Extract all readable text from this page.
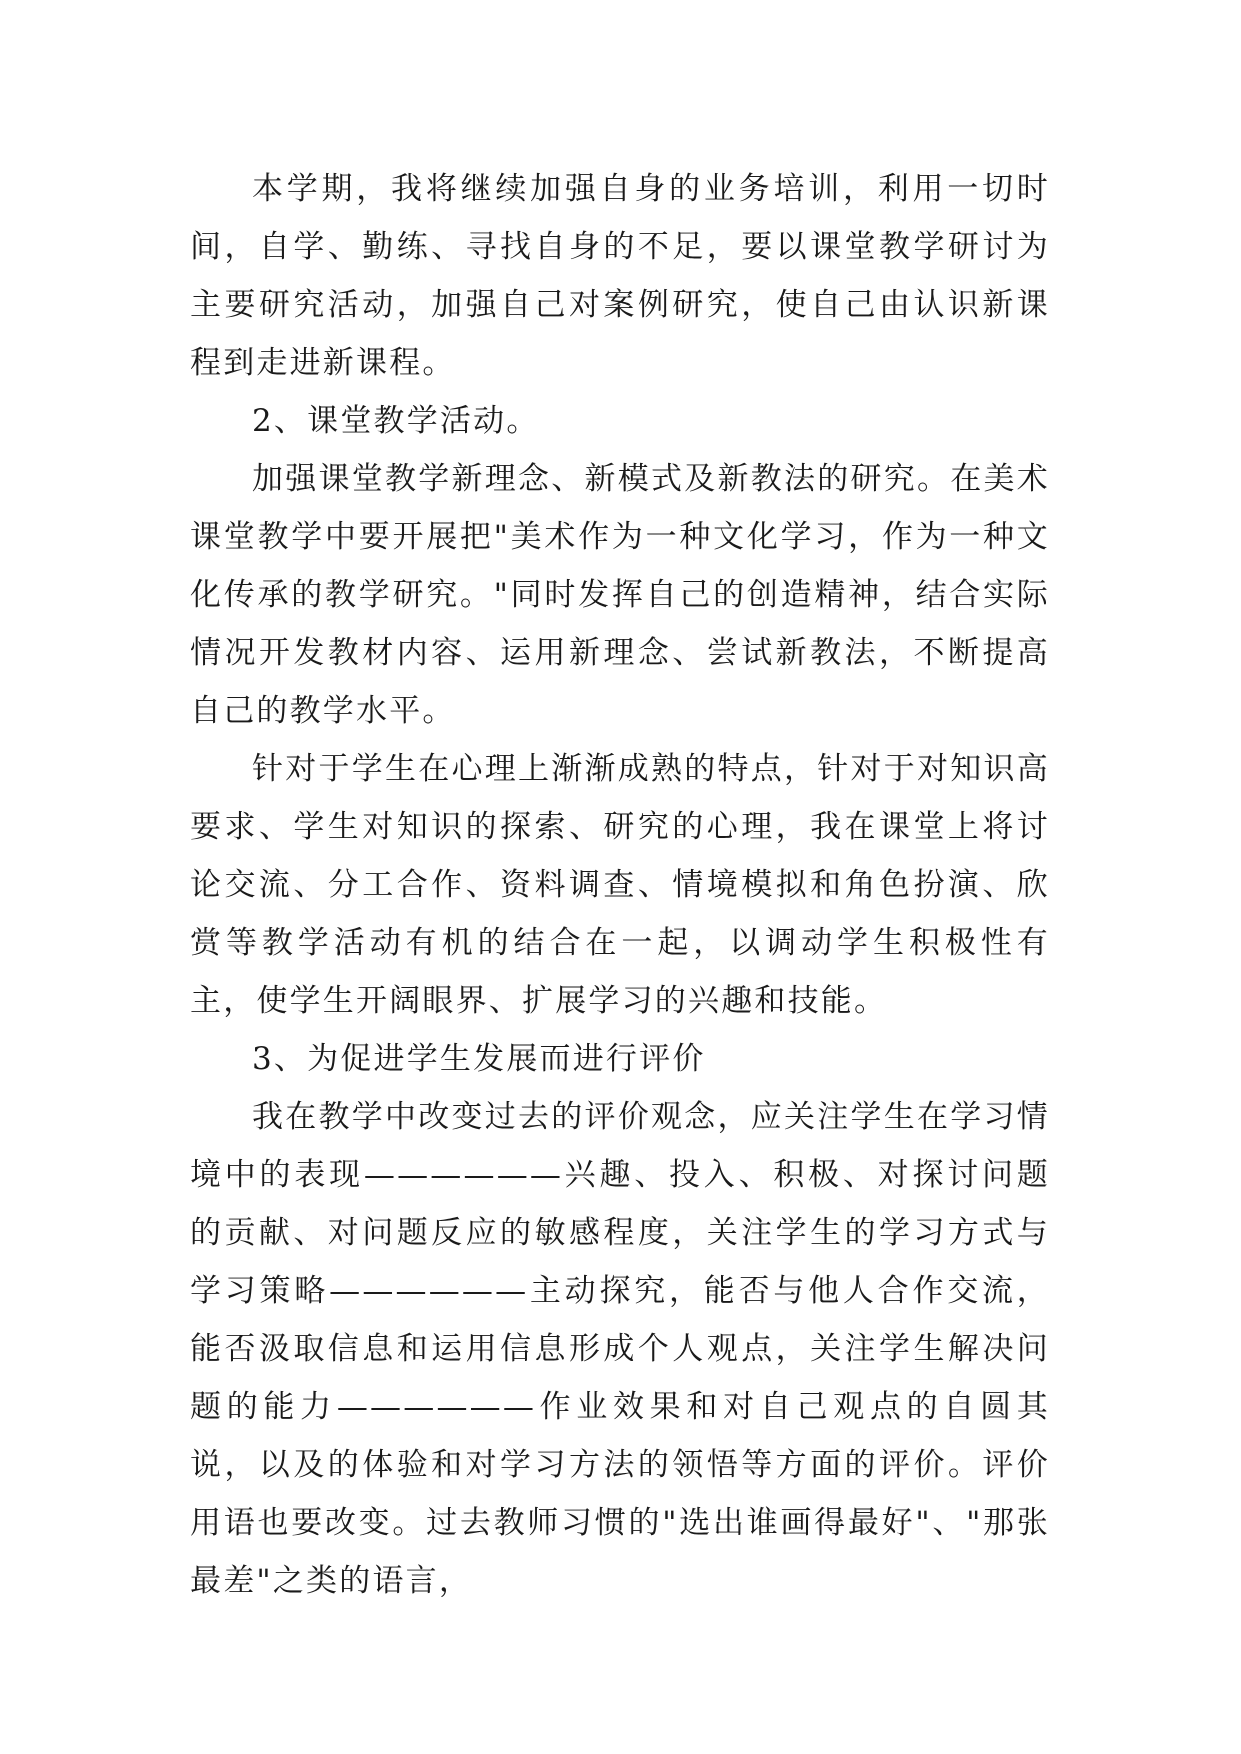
本学期，我将继续加强自身的业务培训，利用一切时间，自学、勤练、寻找自身的不足，要以课堂教学研讨为主要研究活动，加强自己对案例研究，使自己由认识新课程到走进新课程。

2、课堂教学活动。

加强课堂教学新理念、新模式及新教法的研究。在美术课堂教学中要开展把"美术作为一种文化学习，作为一种文化传承的教学研究。"同时发挥自己的创造精神，结合实际情况开发教材内容、运用新理念、尝试新教法，不断提高自己的教学水平。

针对于学生在心理上渐渐成熟的特点，针对于对知识高要求、学生对知识的探索、研究的心理，我在课堂上将讨论交流、分工合作、资料调查、情境模拟和角色扮演、欣赏等教学活动有机的结合在一起，以调动学生积极性有主，使学生开阔眼界、扩展学习的兴趣和技能。

3、为促进学生发展而进行评价

我在教学中改变过去的评价观念，应关注学生在学习情境中的表现——————兴趣、投入、积极、对探讨问题的贡献、对问题反应的敏感程度，关注学生的学习方式与学习策略——————主动探究，能否与他人合作交流，能否汲取信息和运用信息形成个人观点，关注学生解决问题的能力——————作业效果和对自己观点的自圆其说，以及的体验和对学习方法的领悟等方面的评价。评价用语也要改变。过去教师习惯的"选出谁画得最好"、"那张最差"之类的语言，
